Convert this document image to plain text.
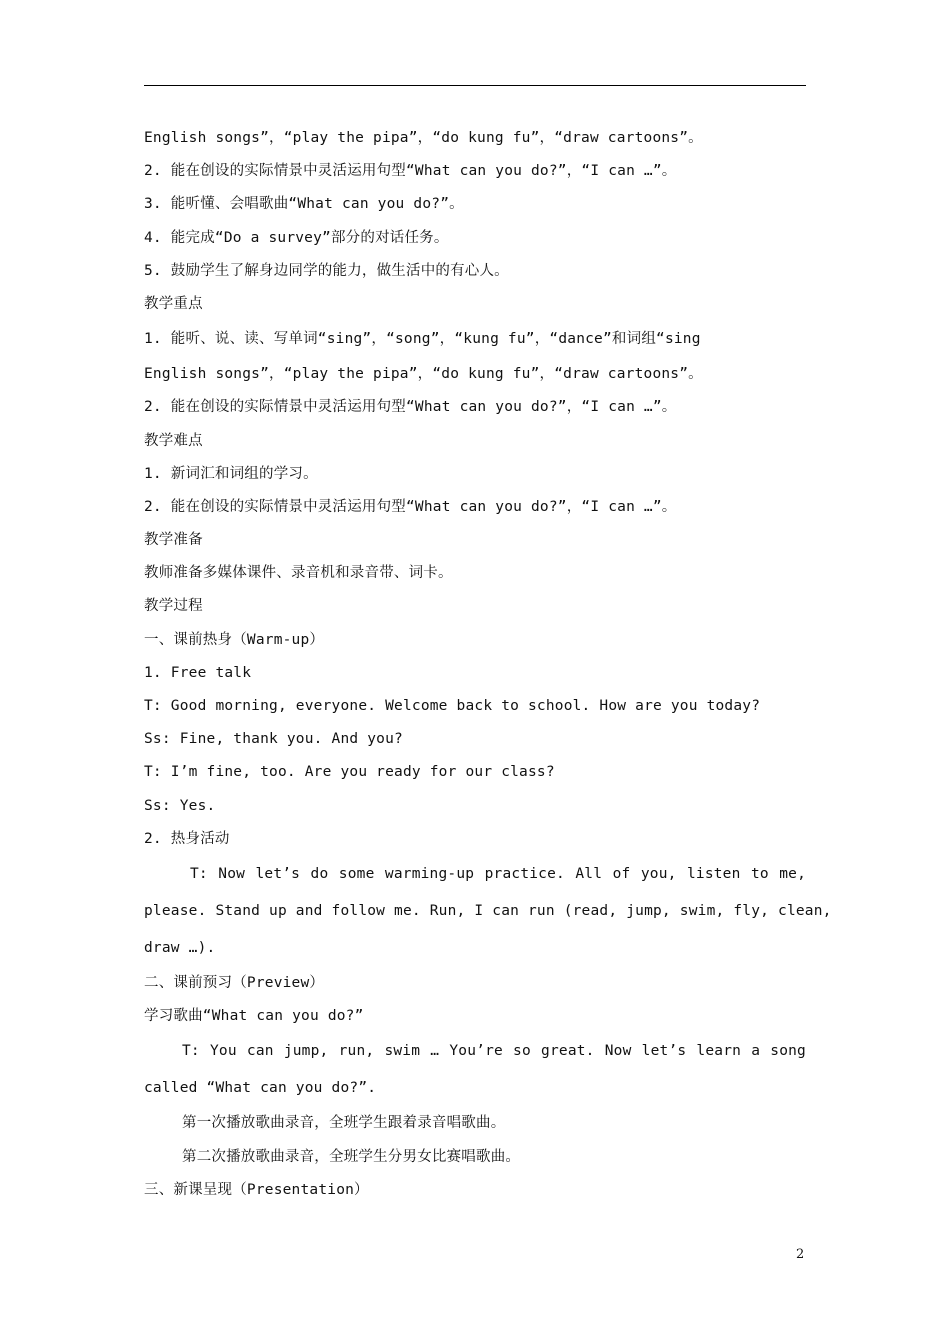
English songs”，“play the pipa”，“do kung fu”，“draw cartoons”。
2. 能在创设的实际情景中灵活运用句型“What can you do?”，“I can …”。
3. 能听懂、会唱歌曲“What can you do?”。
4. 能完成“Do a survey”部分的对话任务。
5. 鼓励学生了解身边同学的能力，做生活中的有心人。
教学重点
1. 能听、说、读、写单词“sing”，“song”，“kung fu”，“dance”和词组“sing
English songs”，“play the pipa”，“do kung fu”，“draw cartoons”。
2. 能在创设的实际情景中灵活运用句型“What can you do?”，“I can …”。
教学难点
1. 新词汇和词组的学习。
2. 能在创设的实际情景中灵活运用句型“What can you do?”，“I can …”。
教学准备
教师准备多媒体课件、录音机和录音带、词卡。
教学过程
一、课前热身（Warm-up）
1. Free talk
T: Good morning, everyone. Welcome back to school. How are you today?
Ss: Fine, thank you. And you?
T: I’m fine, too. Are you ready for our class?
Ss: Yes.
2. 热身活动
T: Now let’s do some warming-up practice. All of you, listen to me,
please. Stand up and follow me. Run, I can run (read, jump, swim, fly, clean,
draw …).
二、课前预习（Preview）
学习歌曲“What can you do?”
T: You can jump, run, swim … You’re so great. Now let’s learn a song
called “What can you do?”.
第一次播放歌曲录音，全班学生跟着录音唱歌曲。
第二次播放歌曲录音，全班学生分男女比赛唱歌曲。
三、新课呈现（Presentation）
2
